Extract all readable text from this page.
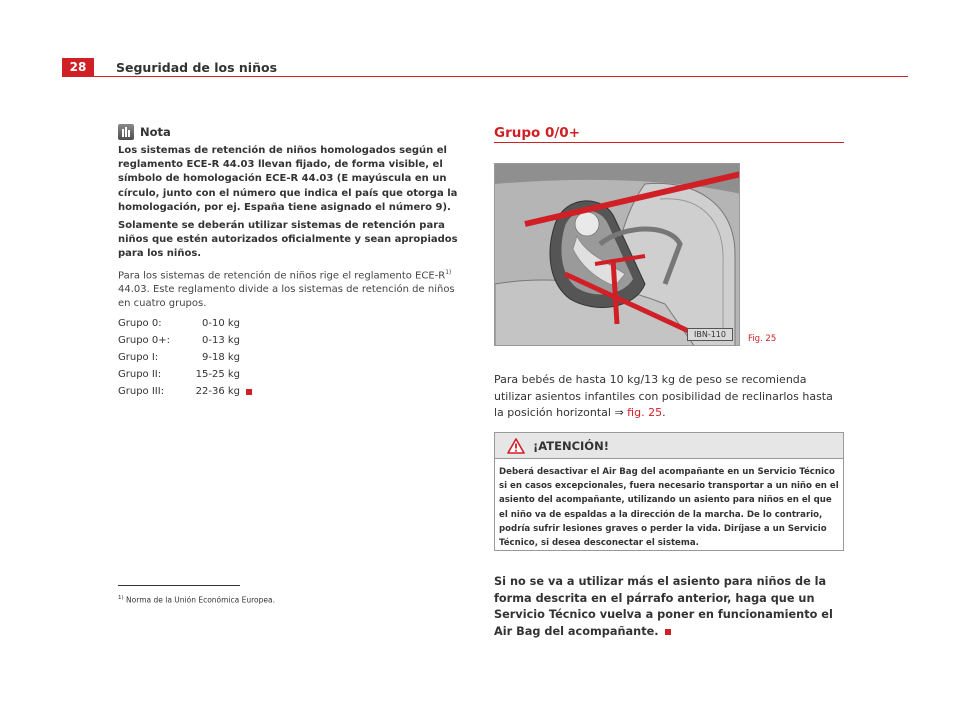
28	Seguridad de los niños
Nota

Los sistemas de retención de niños homologados según el reglamento ECE-R 44.03 llevan fijado, de forma visible, el símbolo de homologación ECE-R 44.03 (E mayúscula en un círculo, junto con el número que indica el país que otorga la homologación, por ej. España tiene asignado el número 9).

Solamente se deberán utilizar sistemas de retención para niños que estén autorizados oficialmente y sean apropiados para los niños.

Para los sistemas de retención de niños rige el reglamento ECE-$R^{1)}$ 44.03. Este reglamento divide a los sistemas de retención de niños en cuatro grupos.

Grupo 0:	0-10 kg
Grupo 0+:	0-13 kg
Grupo I:	9-18 kg
Grupo II:	15-25 kg
Grupo III:	22-36 kg
$^{1)}$ Norma de la Unión Económica Europea.
Grupo 0/0+
IBN-110	Fig. 25
Para bebés de hasta 10 kg/13 kg de peso se recomienda utilizar asientos infantiles con posibilidad de reclinarlos hasta la posición horizontal ⇒ fig. 25.
¡ATENCIÓN!
Deberá desactivar el Air Bag del acompañante en un Servicio Técnico si en casos excepcionales, fuera necesario transportar a un niño en el asiento del acompañante, utilizando un asiento para niños en el que el niño va de espaldas a la dirección de la marcha. De lo contrario, podría sufrir lesiones graves o perder la vida. Diríjase a un Servicio Técnico, si desea desconectar el sistema.
Si no se va a utilizar más el asiento para niños de la forma descrita en el párrafo anterior, haga que un Servicio Técnico vuelva a poner en funcionamiento el Air Bag del acompañante.
